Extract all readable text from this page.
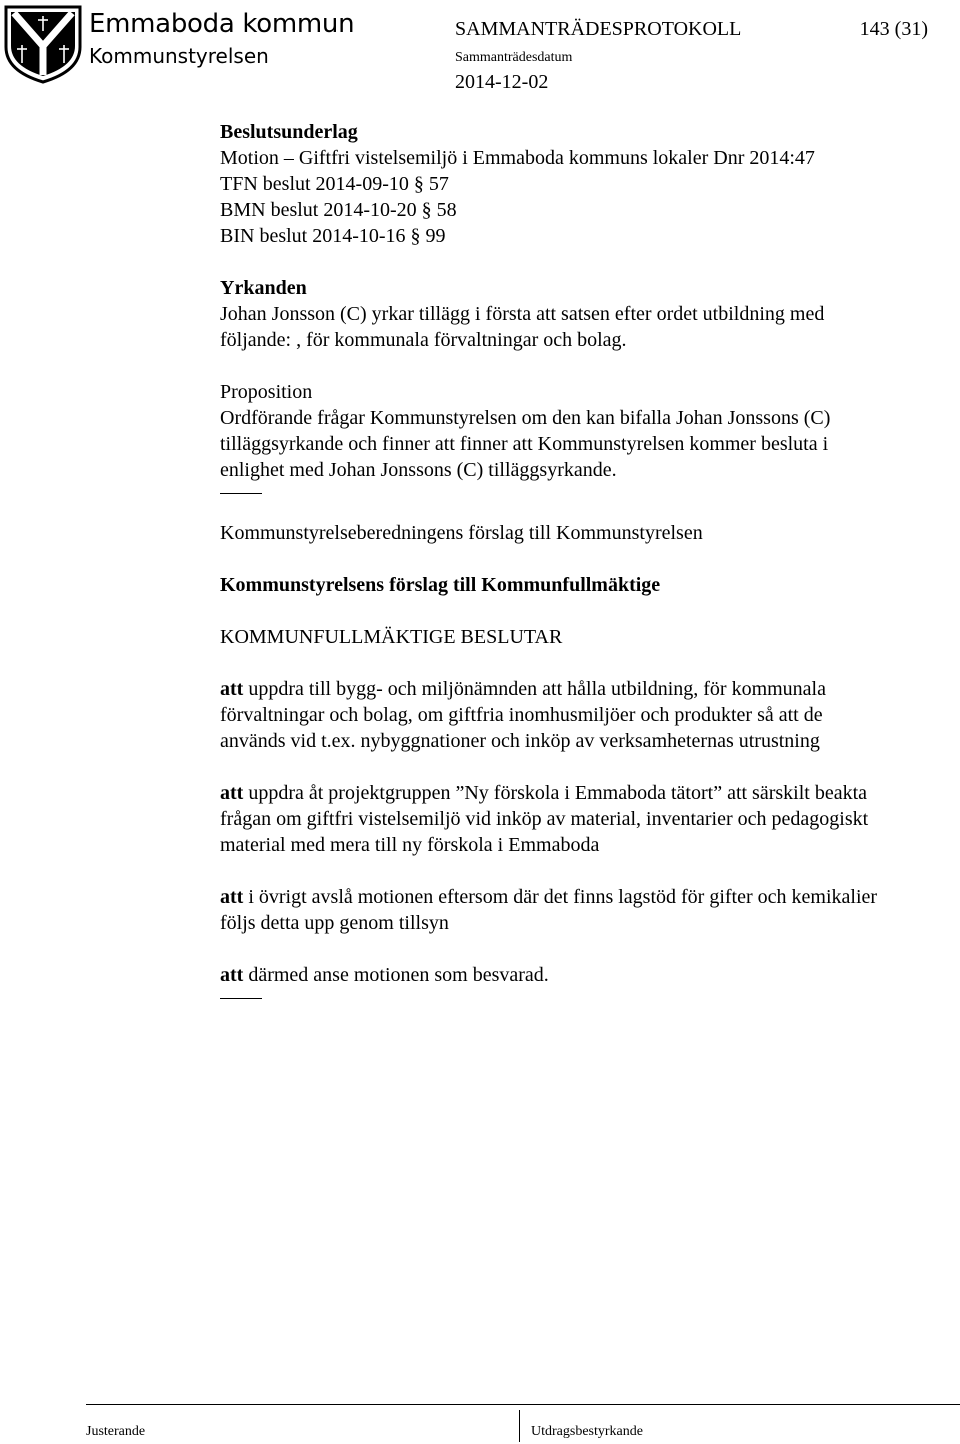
Emmaboda kommun
Kommunstyrelsen
SAMMANTRÄDESPROTOKOLL	143 (31)
Sammanträdesdatum
2014-12-02

Beslutsunderlag

Motion – Giftfri vistelsemiljö i Emmaboda kommuns lokaler Dnr 2014:47

TFN beslut 2014-09-10 § 57

BMN beslut 2014-10-20 § 58

BIN beslut 2014-10-16 § 99

Yrkanden

Johan Jonsson (C) yrkar tillägg i första att satsen efter ordet utbildning med

följande: , för kommunala förvaltningar och bolag.

Proposition

Ordförande frågar Kommunstyrelsen om den kan bifalla Johan Jonssons (C)

tilläggsyrkande och finner att finner att Kommunstyrelsen kommer besluta i

enlighet med Johan Jonssons (C) tilläggsyrkande.

Kommunstyrelseberedningens förslag till Kommunstyrelsen

Kommunstyrelsens förslag till Kommunfullmäktige

KOMMUNFULLMÄKTIGE BESLUTAR

att uppdra till bygg- och miljönämnden att hålla utbildning, för kommunala

förvaltningar och bolag, om giftfria inomhusmiljöer och produkter så att de

används vid t.ex. nybyggnationer och inköp av verksamheternas utrustning

att uppdra åt projektgruppen ”Ny förskola i Emmaboda tätort” att särskilt beakta

frågan om giftfri vistelsemiljö vid inköp av material, inventarier och pedagogiskt

material med mera till ny förskola i Emmaboda

att i övrigt avslå motionen eftersom där det finns lagstöd för gifter och kemikalier

följs detta upp genom tillsyn

att därmed anse motionen som besvarad.

Justerande	Utdragsbestyrkande
